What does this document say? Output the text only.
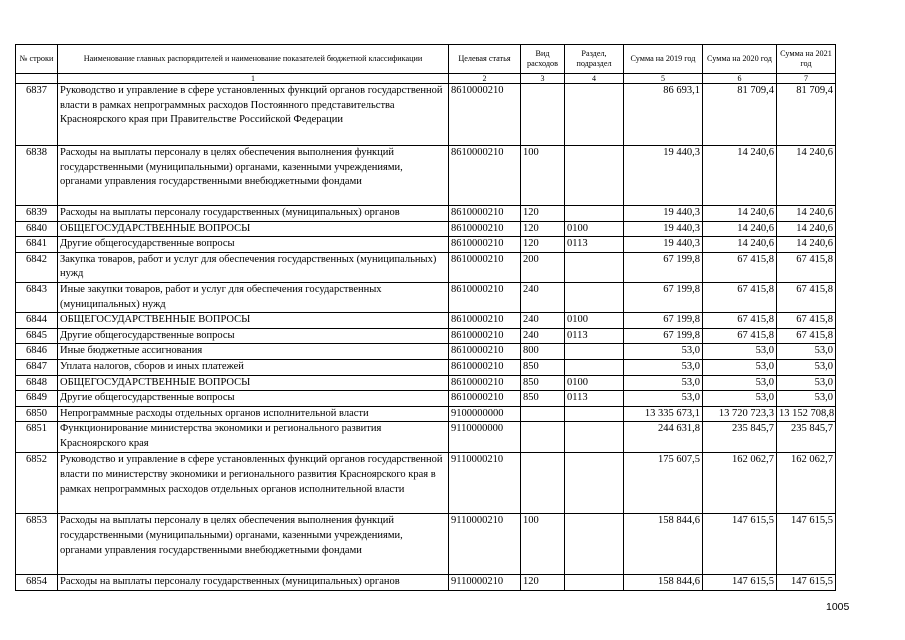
№ строки	Наименование главных распорядителей и наименование показателей бюджетной классификации	Целевая статья	Вид расходов	Раздел, подраздел	Сумма на 2019 год	Сумма на 2020 год	Сумма на 2021 год
	1	2	3	4	5	6	7
6837	Руководство и управление в сфере установленных функций органов государственной власти в рамках непрограммных расходов Постоянного представительства Красноярского края при Правительстве Российской Федерации	8610000210			86 693,1	81 709,4	81 709,4
6838	Расходы на выплаты персоналу в целях обеспечения выполнения функций государственными (муниципальными) органами, казенными учреждениями, органами управления государственными внебюджетными фондами	8610000210	100		19 440,3	14 240,6	14 240,6
6839	Расходы на выплаты персоналу государственных (муниципальных) органов	8610000210	120		19 440,3	14 240,6	14 240,6
6840	ОБЩЕГОСУДАРСТВЕННЫЕ ВОПРОСЫ	8610000210	120	0100	19 440,3	14 240,6	14 240,6
6841	Другие общегосударственные вопросы	8610000210	120	0113	19 440,3	14 240,6	14 240,6
6842	Закупка товаров, работ и услуг для обеспечения государственных (муниципальных) нужд	8610000210	200		67 199,8	67 415,8	67 415,8
6843	Иные закупки товаров, работ и услуг для обеспечения государственных (муниципальных) нужд	8610000210	240		67 199,8	67 415,8	67 415,8
6844	ОБЩЕГОСУДАРСТВЕННЫЕ ВОПРОСЫ	8610000210	240	0100	67 199,8	67 415,8	67 415,8
6845	Другие общегосударственные вопросы	8610000210	240	0113	67 199,8	67 415,8	67 415,8
6846	Иные бюджетные ассигнования	8610000210	800		53,0	53,0	53,0
6847	Уплата налогов, сборов и иных платежей	8610000210	850		53,0	53,0	53,0
6848	ОБЩЕГОСУДАРСТВЕННЫЕ ВОПРОСЫ	8610000210	850	0100	53,0	53,0	53,0
6849	Другие общегосударственные вопросы	8610000210	850	0113	53,0	53,0	53,0
6850	Непрограммные расходы отдельных органов исполнительной власти	9100000000			13 335 673,1	13 720 723,3	13 152 708,8
6851	Функционирование министерства экономики и регионального развития Красноярского края	9110000000			244 631,8	235 845,7	235 845,7
6852	Руководство и управление в сфере установленных функций органов государственной власти по министерству экономики и регионального развития Красноярского края в рамках непрограммных расходов отдельных органов исполнительной власти	9110000210			175 607,5	162 062,7	162 062,7
6853	Расходы на выплаты персоналу в целях обеспечения выполнения функций государственными (муниципальными) органами, казенными учреждениями, органами управления государственными внебюджетными фондами	9110000210	100		158 844,6	147 615,5	147 615,5
6854	Расходы на выплаты персоналу государственных (муниципальных) органов	9110000210	120		158 844,6	147 615,5	147 615,5
1005
